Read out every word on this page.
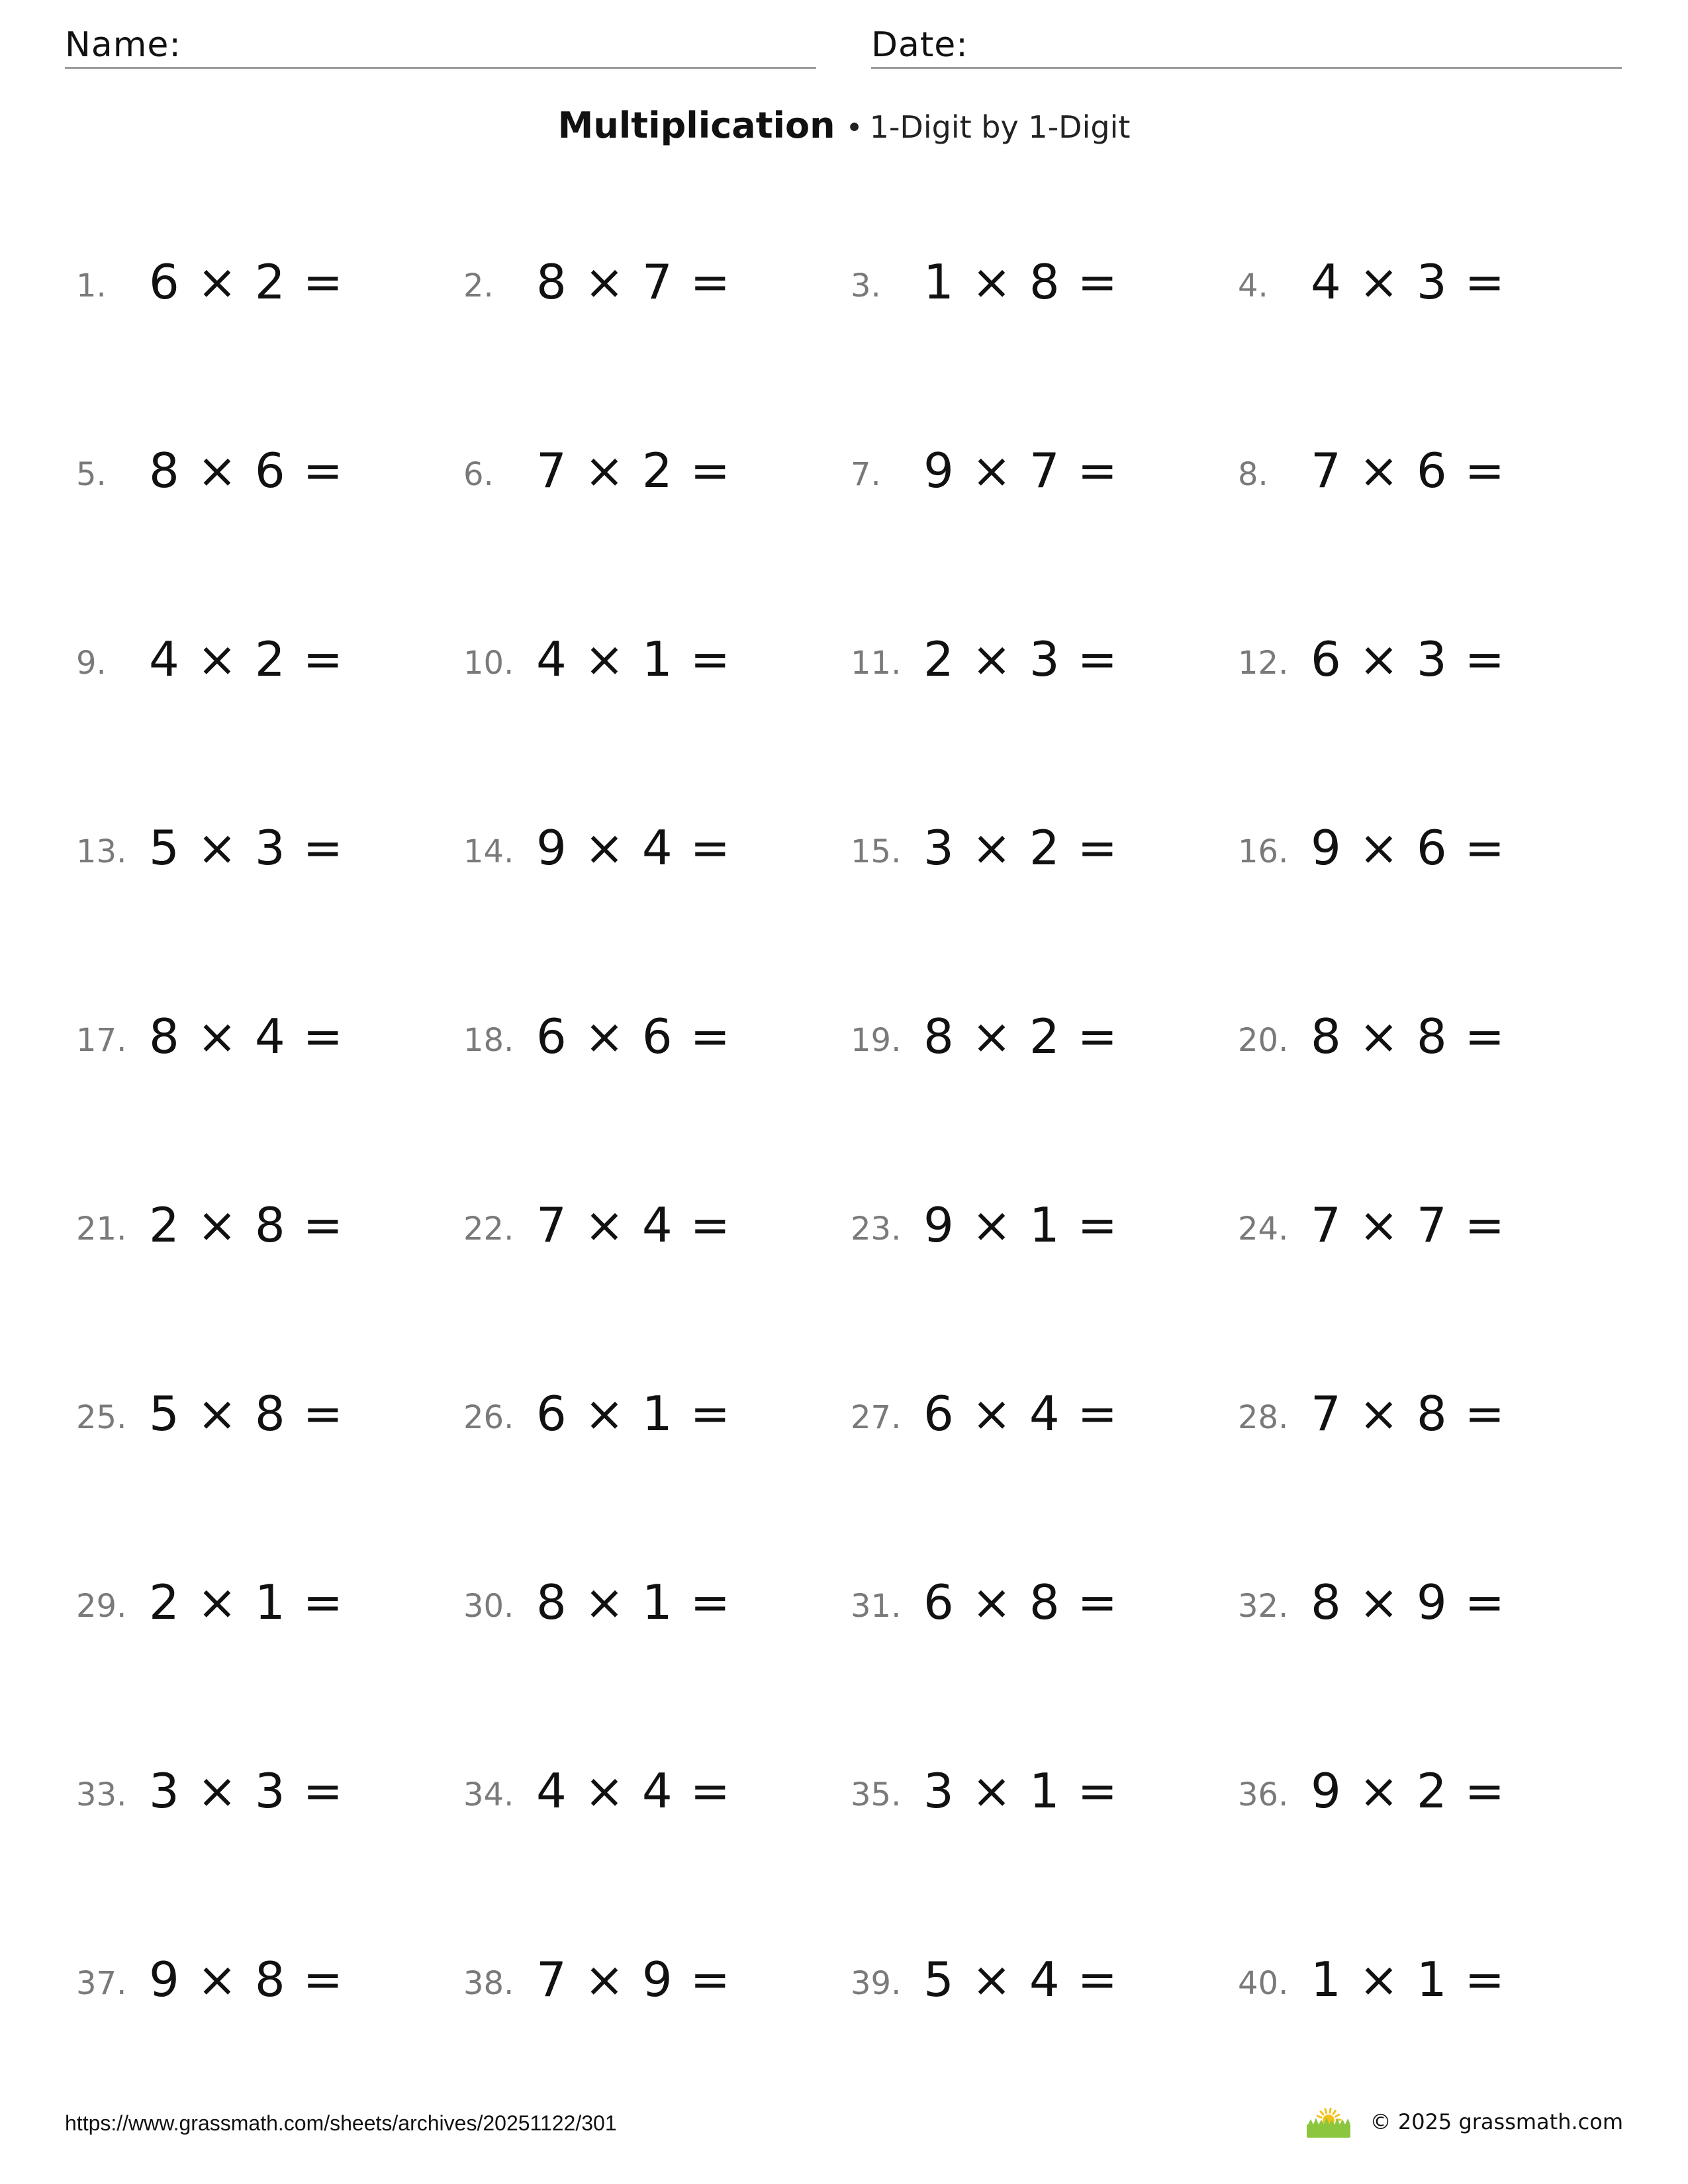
Name:	Date:
Multiplication • 1-Digit by 1-Digit
1. 6 × 2 =	2. 8 × 7 =	3. 1 × 8 =	4. 4 × 3 =
5. 8 × 6 =	6. 7 × 2 =	7. 9 × 7 =	8. 7 × 6 =
9. 4 × 2 =	10. 4 × 1 =	11. 2 × 3 =	12. 6 × 3 =
13. 5 × 3 =	14. 9 × 4 =	15. 3 × 2 =	16. 9 × 6 =
17. 8 × 4 =	18. 6 × 6 =	19. 8 × 2 =	20. 8 × 8 =
21. 2 × 8 =	22. 7 × 4 =	23. 9 × 1 =	24. 7 × 7 =
25. 5 × 8 =	26. 6 × 1 =	27. 6 × 4 =	28. 7 × 8 =
29. 2 × 1 =	30. 8 × 1 =	31. 6 × 8 =	32. 8 × 9 =
33. 3 × 3 =	34. 4 × 4 =	35. 3 × 1 =	36. 9 × 2 =
37. 9 × 8 =	38. 7 × 9 =	39. 5 × 4 =	40. 1 × 1 =
https://www.grassmath.com/sheets/archives/20251122/301	© 2025 grassmath.com
